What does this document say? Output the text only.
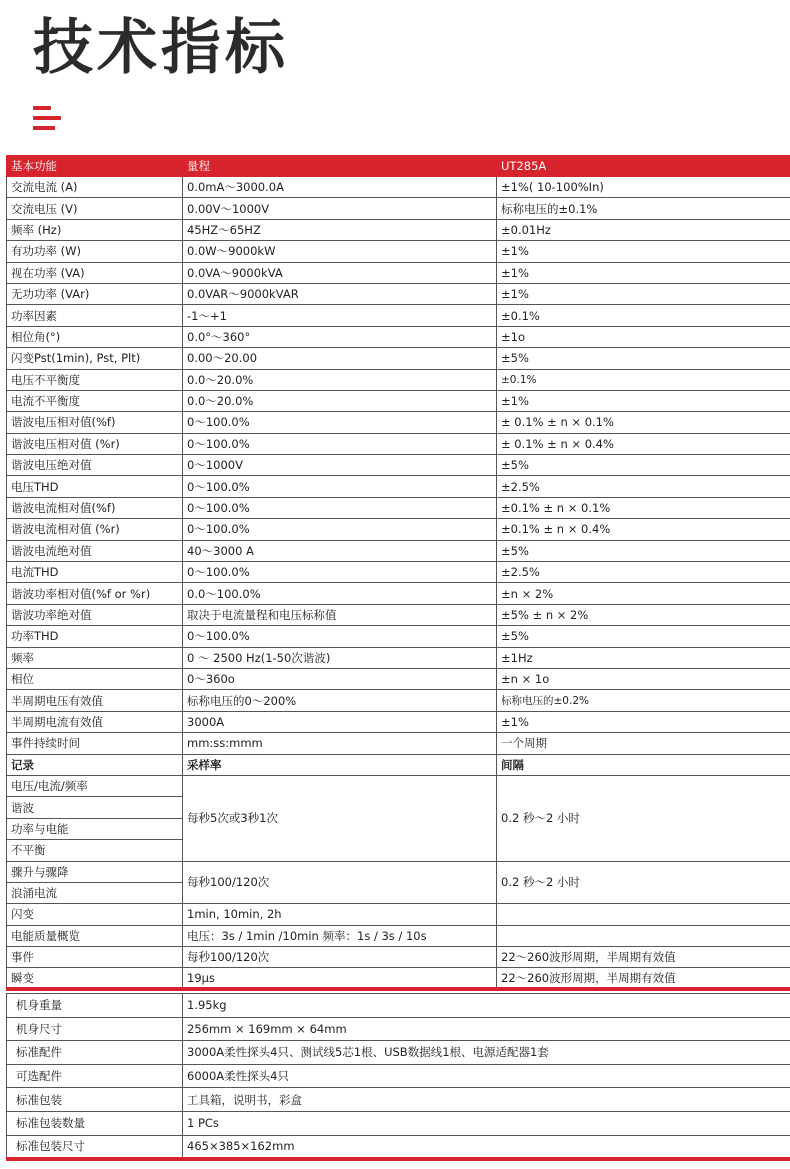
技术指标
基本功能	量程	UT285A
交流电流 (A)	0.0mA～3000.0A	±1%( 10-100%In)
交流电压 (V)	0.00V～1000V	标称电压的±0.1%
频率 (Hz)	45HZ～65HZ	±0.01Hz
有功功率 (W)	0.0W～9000kW	±1%
视在功率 (VA)	0.0VA～9000kVA	±1%
无功功率 (VAr)	0.0VAR～9000kVAR	±1%
功率因素	-1～+1	±0.1%
相位角(°)	0.0°～360°	±1o
闪变Pst(1min), Pst, Plt)	0.00～20.00	±5%
电压不平衡度	0.0～20.0%	±0.1%
电流不平衡度	0.0～20.0%	±1%
谐波电压相对值(%f)	0～100.0%	± 0.1% ± n × 0.1%
谐波电压相对值 (%r)	0～100.0%	± 0.1% ± n × 0.4%
谐波电压绝对值	0～1000V	±5%
电压THD	0～100.0%	±2.5%
谐波电流相对值(%f)	0～100.0%	±0.1% ± n × 0.1%
谐波电流相对值 (%r)	0～100.0%	±0.1% ± n × 0.4%
谐波电流绝对值	40～3000 A	±5%
电流THD	0～100.0%	±2.5%
谐波功率相对值(%f or %r)	0.0～100.0%	±n × 2%
谐波功率绝对值	取决于电流量程和电压标称值	±5% ± n × 2%
功率THD	0～100.0%	±5%
频率	0 ～ 2500 Hz(1-50次谐波)	±1Hz
相位	0～360o	±n × 1o
半周期电压有效值	标称电压的0～200%	标称电压的±0.2%
半周期电流有效值	3000A	±1%
事件持续时间	mm:ss:mmm	一个周期
记录	采样率	间隔
电压/电流/频率	每秒5次或3秒1次	0.2 秒～2 小时
谐波		
功率与电能		
不平衡		
骤升与骤降	每秒100/120次	0.2 秒～2 小时
浪涌电流		
闪变	1min, 10min, 2h	
电能质量概览	电压：3s / 1min /10min 频率：1s / 3s / 10s	
事件	每秒100/120次	22～260波形周期，半周期有效值
瞬变	19μs	22～260波形周期，半周期有效值
机身重量	1.95kg
机身尺寸	256mm × 169mm × 64mm
标准配件	3000A柔性探头4只、测试线5芯1根、USB数据线1根、电源适配器1套
可选配件	6000A柔性探头4只
标准包装	工具箱，说明书，彩盒
标准包装数量	1 PCs
标准包装尺寸	465×385×162mm
